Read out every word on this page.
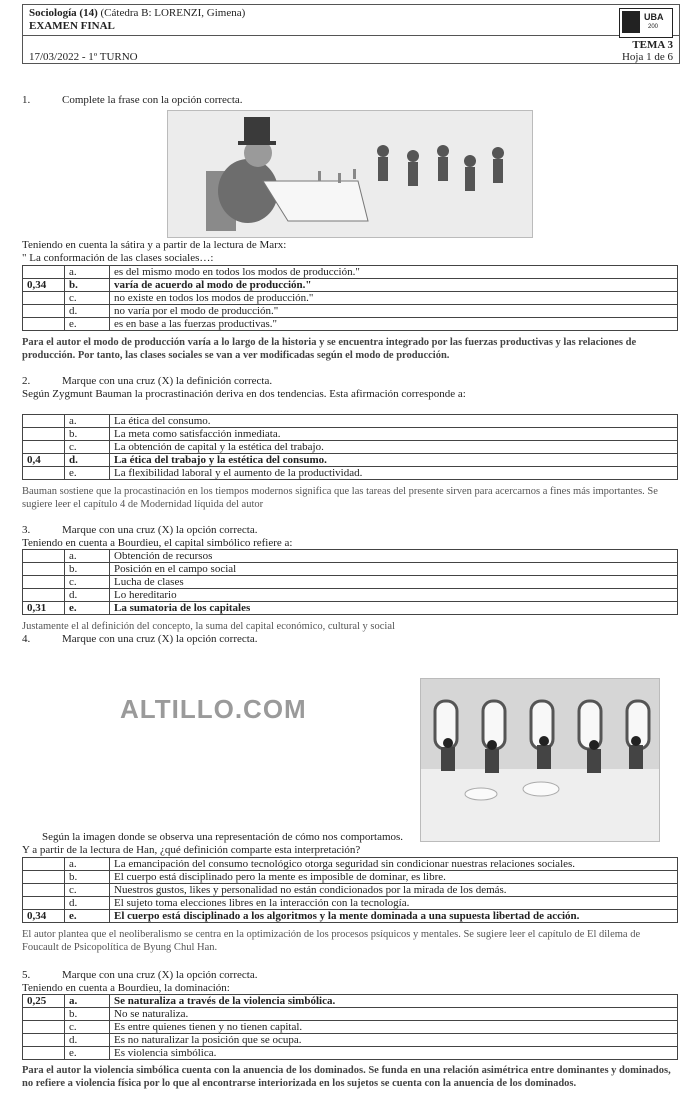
Sociología (14) (Cátedra B: LORENZI, Gimena)
EXAMEN FINAL
17/03/2022 - 1º TURNO
UBA
200
TEMA 3
Hoja 1 de 6
1.	Complete la frase con la opción correcta.
Teniendo en cuenta la sátira y a partir de la lectura de Marx:
" La conformación de las clases sociales…:
	a.	es del mismo modo en todos los modos de producción."
0,34	b.	varía de acuerdo al modo de producción."
	c.	no existe en todos los modos de producción."
	d.	no varía por el modo de producción."
	e.	es en base a las fuerzas productivas."
Para el autor el modo de producción varía a lo largo de la historia y se encuentra integrado por las fuerzas productivas y las relaciones de producción. Por tanto, las clases sociales se van a ver modificadas según el modo de producción.
2.	Marque con una cruz (X) la definición correcta.
Según Zygmunt Bauman la procrastinación deriva en dos tendencias. Esta afirmación corresponde a:
	a.	La ética del consumo.
	b.	La meta como satisfacción inmediata.
	c.	La obtención de capital y la estética del trabajo.
0,4	d.	La ética del trabajo y la estética del consumo.
	e.	La flexibilidad laboral y el aumento de la productividad.
Bauman sostiene que la procastinación en los tiempos modernos significa que las tareas del presente sirven para acercarnos a fines más importantes. Se sugiere leer el capítulo 4 de Modernidad líquida del autor
3.	Marque con una cruz (X) la opción correcta.
Teniendo en cuenta a Bourdieu, el capital simbólico refiere a:
	a.	Obtención de recursos
	b.	Posición en el campo social
	c.	Lucha de clases
	d.	Lo hereditario
0,31	e.	La sumatoria de los capitales
Justamente el al definición del concepto, la suma del capital económico, cultural y social
4.	Marque con una cruz (X) la opción correcta.
ALTILLO.COM
Según la imagen donde se observa una representación de cómo nos comportamos.
Y a partir de la lectura de Han, ¿qué definición comparte esta interpretación?
	a.	La emancipación del consumo tecnológico otorga seguridad sin condicionar nuestras relaciones sociales.
	b.	El cuerpo está disciplinado pero la mente es imposible de dominar, es libre.
	c.	Nuestros gustos, likes y personalidad no están condicionados por la mirada de los demás.
	d.	El sujeto toma elecciones libres en la interacción con la tecnología.
0,34	e.	El cuerpo está disciplinado a los algoritmos y la mente dominada a una supuesta libertad de acción.
El autor plantea que el neoliberalismo se centra en la optimización de los procesos psíquicos y mentales. Se sugiere leer el capítulo de El dilema de Foucault de Psicopolítica de Byung Chul Han.
5.	Marque con una cruz (X) la opción correcta.
Teniendo en cuenta a Bourdieu, la dominación:
0,25	a.	Se naturaliza a través de la violencia simbólica.
	b.	No se naturaliza.
	c.	Es entre quienes tienen y no tienen capital.
	d.	Es no naturalizar la posición que se ocupa.
	e.	Es violencia simbólica.
Para el autor la violencia simbólica cuenta con la anuencia de los dominados. Se funda en una relación asimétrica entre dominantes y dominados, no refiere a violencia física por lo que al encontrarse interiorizada en los sujetos se cuenta con la anuencia de los dominados.
